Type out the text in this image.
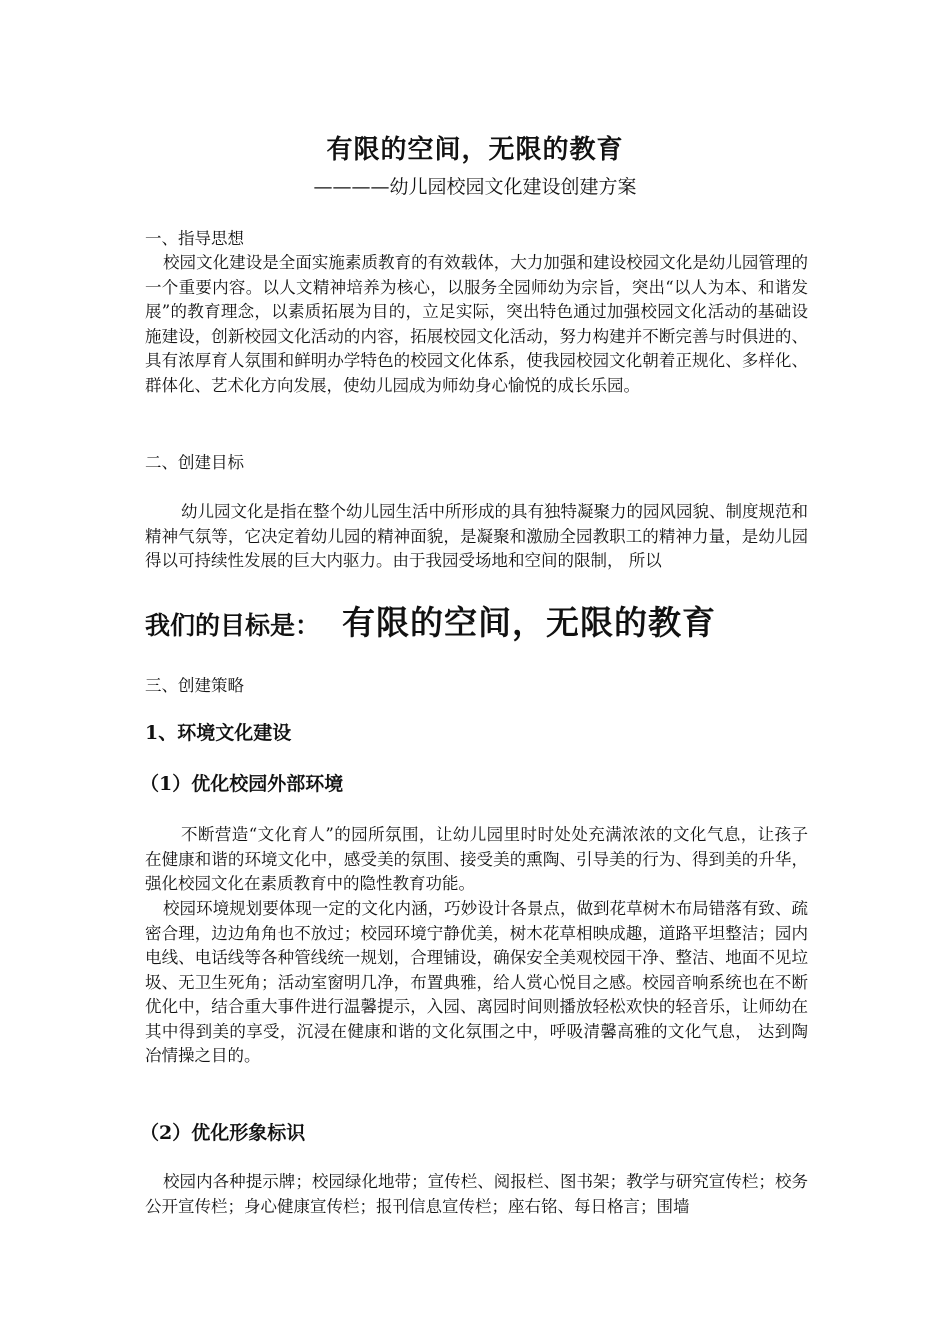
有限的空间，无限的教育
————幼儿园校园文化建设创建方案
一、指导思想
校园文化建设是全面实施素质教育的有效载体，大力加强和建设校园文化是幼儿园管理的一个重要内容。以人文精神培养为核心，以服务全园师幼为宗旨，突出“以人为本、和谐发展”的教育理念，以素质拓展为目的，立足实际，突出特色通过加强校园文化活动的基础设施建设，创新校园文化活动的内容，拓展校园文化活动，努力构建并不断完善与时俱进的、具有浓厚育人氛围和鲜明办学特色的校园文化体系，使我园校园文化朝着正规化、多样化、群体化、艺术化方向发展，使幼儿园成为师幼身心愉悦的成长乐园。
二、创建目标
幼儿园文化是指在整个幼儿园生活中所形成的具有独特凝聚力的园风园貌、制度规范和精神气氛等，它决定着幼儿园的精神面貌，是凝聚和激励全园教职工的精神力量，是幼儿园得以可持续性发展的巨大内驱力。由于我园受场地和空间的限制， 所以
我们的目标是： 有限的空间，无限的教育
三、创建策略
1、环境文化建设
（1）优化校园外部环境
不断营造“文化育人”的园所氛围，让幼儿园里时时处处充满浓浓的文化气息，让孩子在健康和谐的环境文化中，感受美的氛围、接受美的熏陶、引导美的行为、得到美的升华， 强化校园文化在素质教育中的隐性教育功能。
校园环境规划要体现一定的文化内涵，巧妙设计各景点，做到花草树木布局错落有致、疏密合理，边边角角也不放过；校园环境宁静优美，树木花草相映成趣，道路平坦整洁；园内电线、电话线等各种管线统一规划，合理铺设，确保安全美观校园干净、整洁、地面不见垃圾、无卫生死角；活动室窗明几净，布置典雅，给人赏心悦目之感。校园音响系统也在不断优化中，结合重大事件进行温馨提示，入园、离园时间则播放轻松欢快的轻音乐，让师幼在其中得到美的享受，沉浸在健康和谐的文化氛围之中，呼吸清馨高雅的文化气息， 达到陶冶情操之目的。
（2）优化形象标识
校园内各种提示牌；校园绿化地带；宣传栏、阅报栏、图书架；教学与研究宣传栏；校务公开宣传栏；身心健康宣传栏；报刊信息宣传栏；座右铭、每日格言；围墙
